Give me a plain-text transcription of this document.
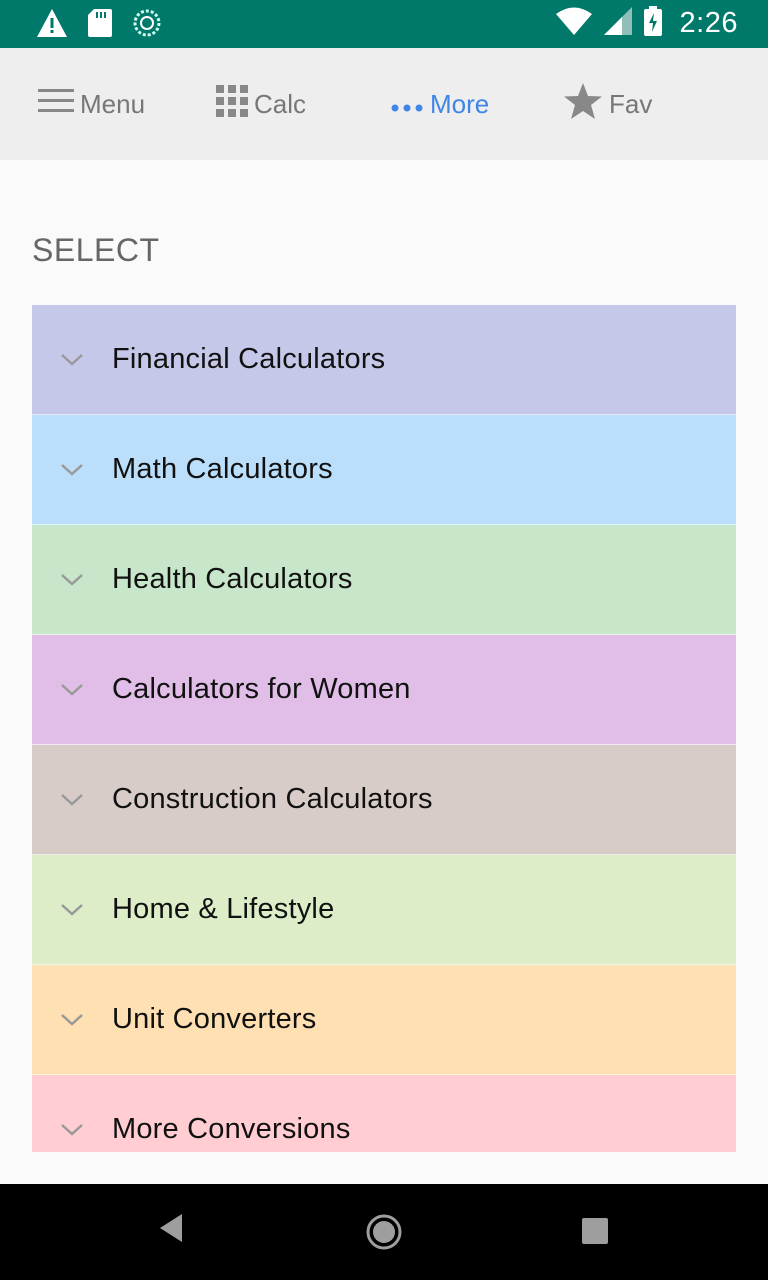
2:26
Menu	Calc	More	Fav
SELECT
Financial Calculators
Math Calculators
Health Calculators
Calculators for Women
Construction Calculators
Home & Lifestyle
Unit Converters
More Conversions
